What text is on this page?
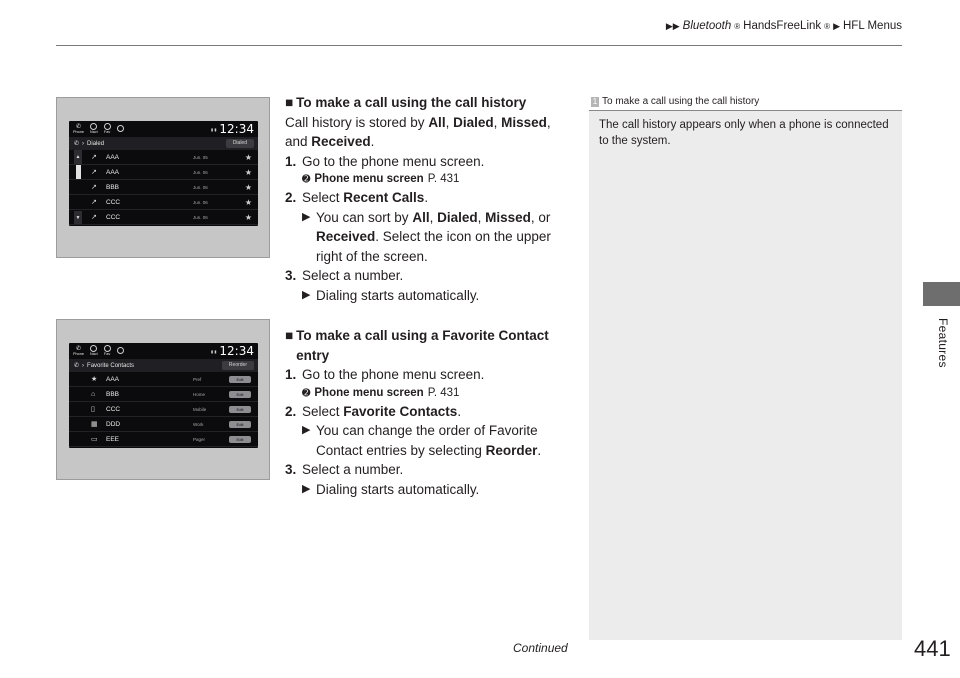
▶▶ Bluetooth ® HandsFreeLink ® ▶ HFL Menus
Features
✆
Phone Navi Fav
▮ ▮ 12:34
✆ › Dialed	Dialed
▲
▼
↗ AAA	Jun. 05	★
↗ AAA	Jun. 06	★
↗ BBB	Jun. 06	★
↗ CCC	Jun. 06	★
↗ CCC	Jun. 06	★
✆
Phone Navi Fav
▮ ▮ 12:34
✆ › Favorite Contacts	Reorder
★ AAA	Pref	Edit
⌂ BBB	Home	Edit
▯ CCC	Mobile	Edit
▦ DDD	Work	Edit
▭ EEE	Pager	Edit
■ To make a call using the call history
Call history is stored by All, Dialed, Missed,
and Received.
1. Go to the phone menu screen.
➋ Phone menu screen P. 431
2. Select Recent Calls.
▶ You can sort by All, Dialed, Missed, or
Received. Select the icon on the upper
right of the screen.
3. Select a number.
▶ Dialing starts automatically.
■ To make a call using a Favorite Contact
entry
1. Go to the phone menu screen.
➋ Phone menu screen P. 431
2. Select Favorite Contacts.
▶ You can change the order of Favorite
Contact entries by selecting Reorder.
3. Select a number.
▶ Dialing starts automatically.
1 To make a call using the call history
The call history appears only when a phone is connected to the system.
Continued	441
